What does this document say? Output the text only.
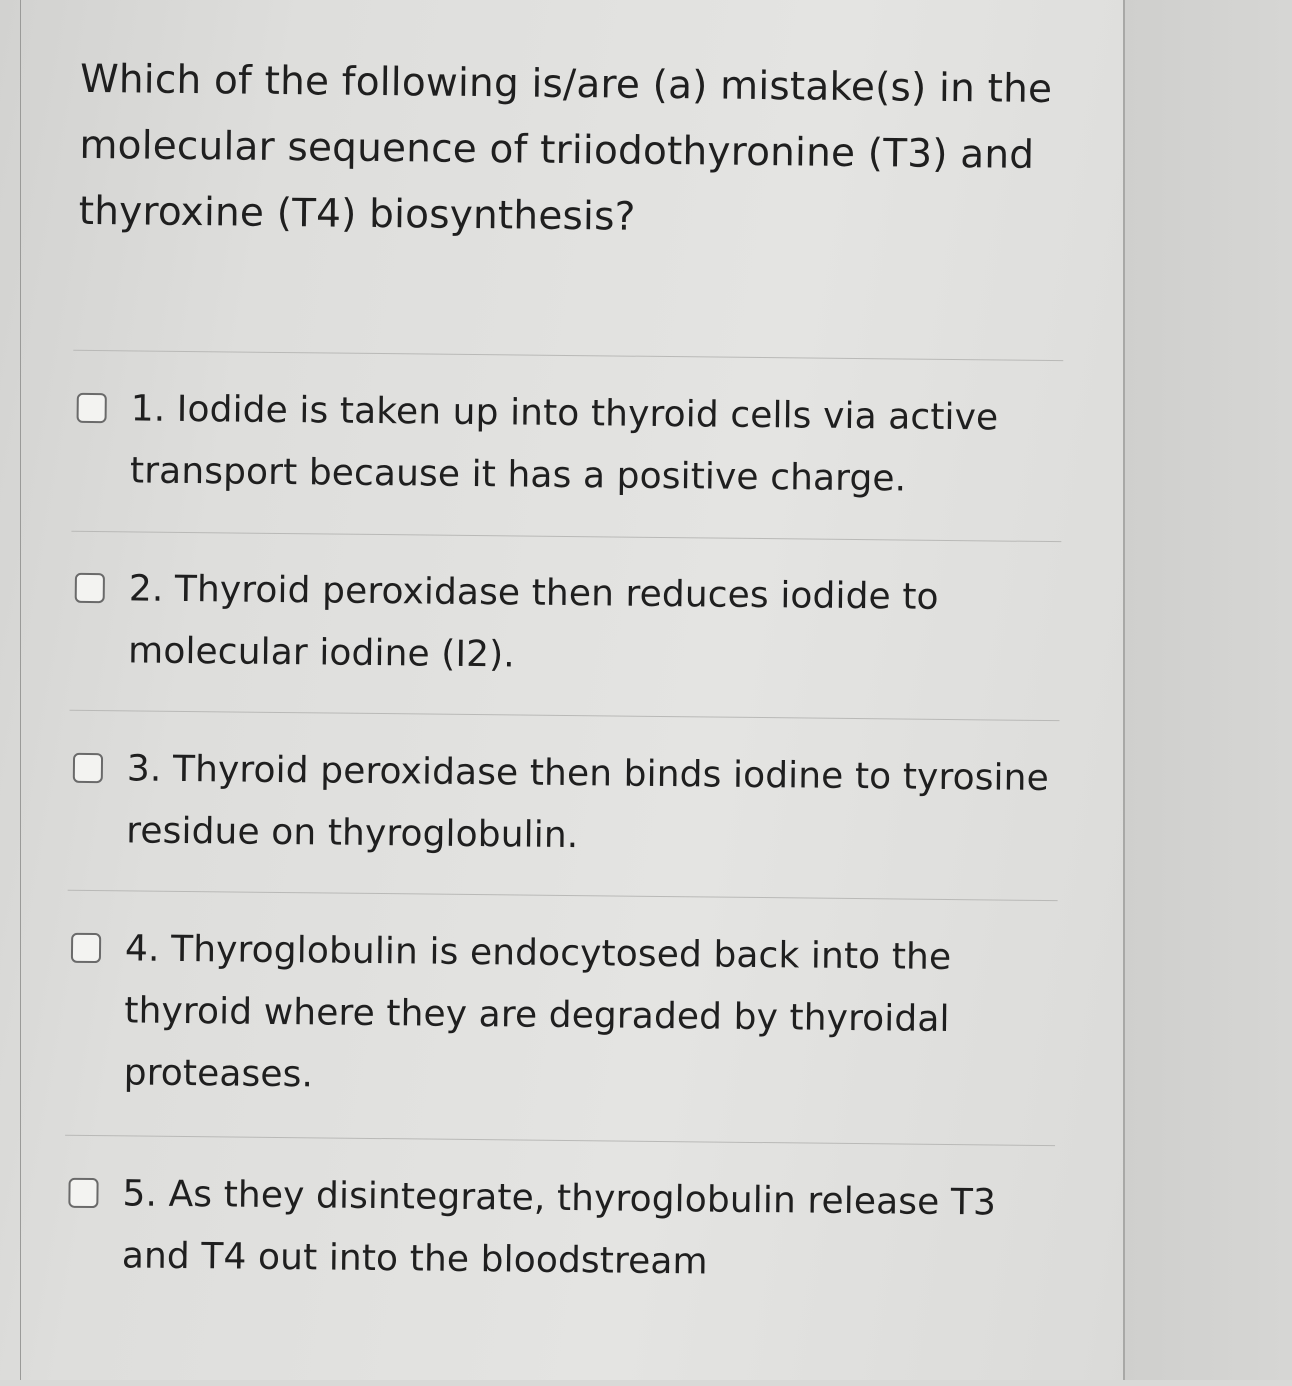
Which of the following is/are (a) mistake(s) in the molecular sequence of triiodothyronine (T3) and thyroxine (T4) biosynthesis?
1. Iodide is taken up into thyroid cells via active transport because it has a positive charge.
2. Thyroid peroxidase then reduces iodide to molecular iodine (I2).
3. Thyroid peroxidase then binds iodine to tyrosine residue on thyroglobulin.
4. Thyroglobulin is endocytosed back into the thyroid where they are degraded by thyroidal proteases.
5. As they disintegrate, thyroglobulin release T3 and T4 out into the bloodstream
